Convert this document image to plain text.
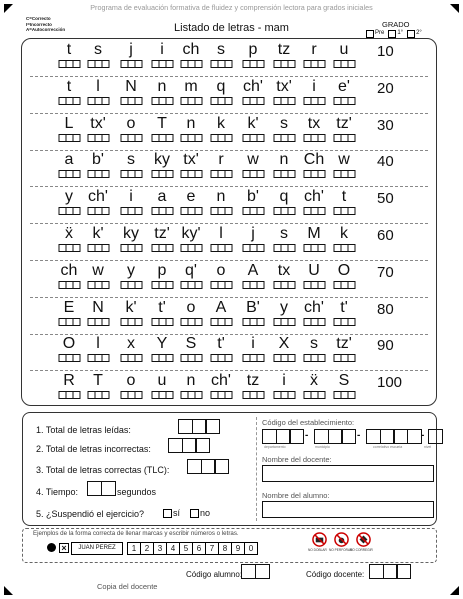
Programa de evaluación formativa de fluidez y comprensión lectora para grados iniciales
C=Correcto
I=Incorrecto
A=Autocorrección	Listado de letras - mam	GRADO
Pre 1° 2°
t s j i ch s p tz r u 10
t l N n m q ch' tx' i e' 20
L tx' o T n k k' s tx tz' 30
a b' s ky tx' r w n Ch w 40
y ch' i a e n b' q ch' t 50
ẍ k' ky tz' ky' l j s M k 60
ch w y p q' o A tx U O 70
E N k' t' o A B' y ch' t' 80
O l x Y S t' i X s tz' 90
R T o u n ch' tz i ẍ S 100
1. Total de letras leídas:
2. Total de letras incorrectas:
3. Total de letras correctas (TLC):
4. Tiempo:	segundos
5. ¿Suspendió el ejercicio?	sí no
Código del establecimiento:
-	-	-
departamento	municipio	correlativo escuela	nivel
Nombre del docente:
Nombre del alumno:
Ejemplos de la forma correcta de llenar marcas y escribir números o letras.
×	JUAN PEREZ	1	2	3	4	5	6	7	8	9	0	NO DOBLAR NO PERFORAR
NO CORREGIR
Copia del docente
Código alumno:	Código docente:
